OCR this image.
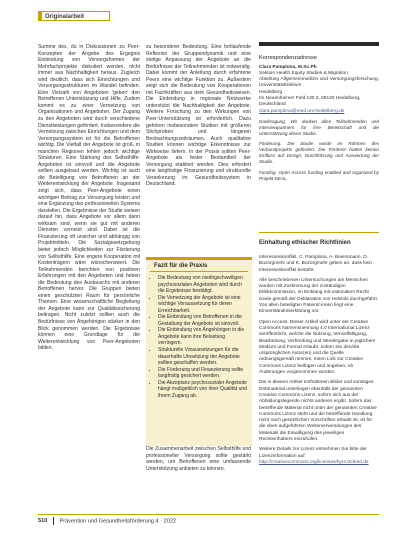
Originalarbeit

Summe des, du in Diskussionen zu Peer-Konzepten der Angebe des Ergegnis Einbindung von Versorgsformen der Mehrfachprojekte diskutiert werden, nicht immer aus Nachhaltigkeit heraus. Zugleich wird deutlich, dass sich Einrichtungen und Versorgungsstrukturen im Wandel befinden. Eine Vielzahl von Angeboten 'geben' den Betroffenen Unterstützung und Hilfe. Zudem kommt es zu einer Vernetzung von Organisationen und Angeboten. Der Zugang zu den Angeboten wird durch verschiedene Dienstleistungen gefördert. Insbesondere die Vernetzung zwischen Einrichtungen und dem Versorgungssystem ist für die Betroffenen wichtig. Die Vielfalt der Angebote ist groß, in manchen Regionen fehlen jedoch wichtige Strukturen. Eine Stärkung des Selbsthilfe-Angebotes ist sinnvoll und die Angebote sollten ausgebaut werden. Wichtig ist auch die Beteiligung von Betroffenen an der Weiterentwicklung der Angebote. Insgesamt zeigt sich, dass Peer-Angebote einen wichtigen Beitrag zur Versorgung leisten und eine Ergänzung des professionellen Systems darstellen. Die Ergebnisse der Studie weisen darauf hin, dass Angebote vor allem dann wirksam sind, wenn sie gut mit anderen Diensten vernetzt sind. Dabei ist die Finanzierung oft unsicher und abhängig von Projektmitteln. Die Sozialgesetzgebung bietet jedoch Möglichkeiten zur Förderung von Selbsthilfe. Eine engere Kooperation mit Kostenträgern wäre wünschenswert. Die Teilnehmenden berichten von positiven Erfahrungen mit den Angeboten und heben die Bedeutung des Austauschs mit anderen Betroffenen hervor. Die Gruppen bieten einen geschützten Raum für persönliche Themen. Eine wissenschaftliche Begleitung der Angebote kann zur Qualitätssicherung beitragen. Nicht zuletzt sollten auch die Bedürfnisse von Angehörigen stärker in den Blick genommen werden. Die Ergebnisse können eine Grundlage für die Weiterentwicklung von Peer-Angeboten bilden.

zu besonderer Bedeutung. Eine fortlaufende Reflexion der Gruppendynamik und eine stetige Anpassung der Angebote an die Bedürfnisse der Teilnehmenden ist notwendig. Dabei kommt der Anleitung durch erfahrene Peers eine wichtige Funktion zu. Außerdem zeigt sich die Bedeutung von Kooperationen mit Fachkräften aus dem Gesundheitswesen. Die Einbindung in regionale Netzwerke unterstützt die Nachhaltigkeit der Angebote. Weitere Forschung zu den Wirkungen von Peer-Unterstützung ist erforderlich. Dazu gehören insbesondere Studien mit größeren Stichproben und längeren Beobachtungszeiträumen. Auch qualitative Studien können wichtige Erkenntnisse zur Wirkweise liefern. In der Praxis sollten Peer-Angebote als fester Bestandteil der Versorgung etabliert werden. Dies erfordert eine langfristige Finanzierung und strukturelle Verankerung im Gesundheitssystem in Deutschland.

Fazit für die Praxis
• Die Bedeutung von niedrigschwelligen psychosozialen Angeboten wird durch die Ergebnisse bestätigt.
• Die Vernetzung der Angebote ist eine wichtige Voraussetzung für deren Erreichbarkeit.
• Die Einbindung von Betroffenen in die Gestaltung der Angebote ist sinnvoll.
• Die Einbindung von Angehörigen in die Angebote kann ihre Belastung verringern.
• Strukturelle Voraussetzungen für die dauerhafte Umsetzung der Angebote sollten geschaffen werden.
• Die Förderung und Finanzierung sollte langfristig gesichert werden.
• Die Akzeptanz psychosozialer Angebote hängt maßgeblich von ihrer Qualität und ihrem Zugang ab.

Die Zusammenarbeit zwischen Selbsthilfe und professioneller Versorgung sollte gestärkt werden, um Betroffenen eine umfassende Unterstützung anbieten zu können.

Korrespondenzadresse
Clara Pamplona, M.Sc.Ph
Sektion Health Equity Studies & Migration,
Abteilung Allgemeinmedizin und Versorgungsforschung, Universitätsklinikum
Heidelberg
Im Neuenheimer Feld 130.3, 69120 Heidelberg,
Deutschland
clara.pamplona@med.uni-heidelberg.de
Danksagung. Wir danken allen Teilnehmenden und Interviewpartnern für ihre Bereitschaft und die Unterstützung dieser Studie.
Förderung. Die Studie wurde im Rahmen des Verbundprojekts gefördert. Die Förderer hatten keinen Einfluss auf Design, Durchführung und Auswertung der Studie.
Funding. Open Access funding enabled and organized by Projekt DEAL.
Einhaltung ethischer Richtlinien

Interessenkonflikt. C. Pamplona, A. Beiersmann, D. Bozorgmehr und K. Bozorgmehr geben an, dass kein Interessenkonflikt besteht.

Alle beschriebenen Untersuchungen am Menschen wurden mit Zustimmung der zuständigen Ethikkommission, im Einklang mit nationalem Recht sowie gemäß der Deklaration von Helsinki durchgeführt. Von allen beteiligten Patient/-innen liegt eine Einverständniserklärung vor.

Open Access. Dieser Artikel wird unter der Creative Commons Namensnennung 4.0 International Lizenz veröffentlicht, welche die Nutzung, Vervielfältigung, Bearbeitung, Verbreitung und Wiedergabe in jeglichem Medium und Format erlaubt, sofern Sie den/die ursprünglichen Autor(en) und die Quelle ordnungsgemäß nennen, einen Link zur Creative Commons Lizenz beifügen und angeben, ob Änderungen vorgenommen wurden.

Die in diesem Artikel enthaltenen Bilder und sonstiges Drittmaterial unterliegen ebenfalls der genannten Creative Commons Lizenz, sofern sich aus der Abbildungslegende nichts anderes ergibt. Sofern das betreffende Material nicht unter der genannten Creative Commons Lizenz steht und die betreffende Handlung nicht nach gesetzlichen Vorschriften erlaubt ist, ist für die oben aufgeführten Weiterverwendungen des Materials die Einwilligung des jeweiligen Rechteinhabers einzuholen.

Weitere Details zur Lizenz entnehmen Sie bitte der Lizenzinformation auf http://creativecommons.org/licenses/by/4.0/deed.de

510 Prävention und Gesundheitsförderung 4 · 2022
